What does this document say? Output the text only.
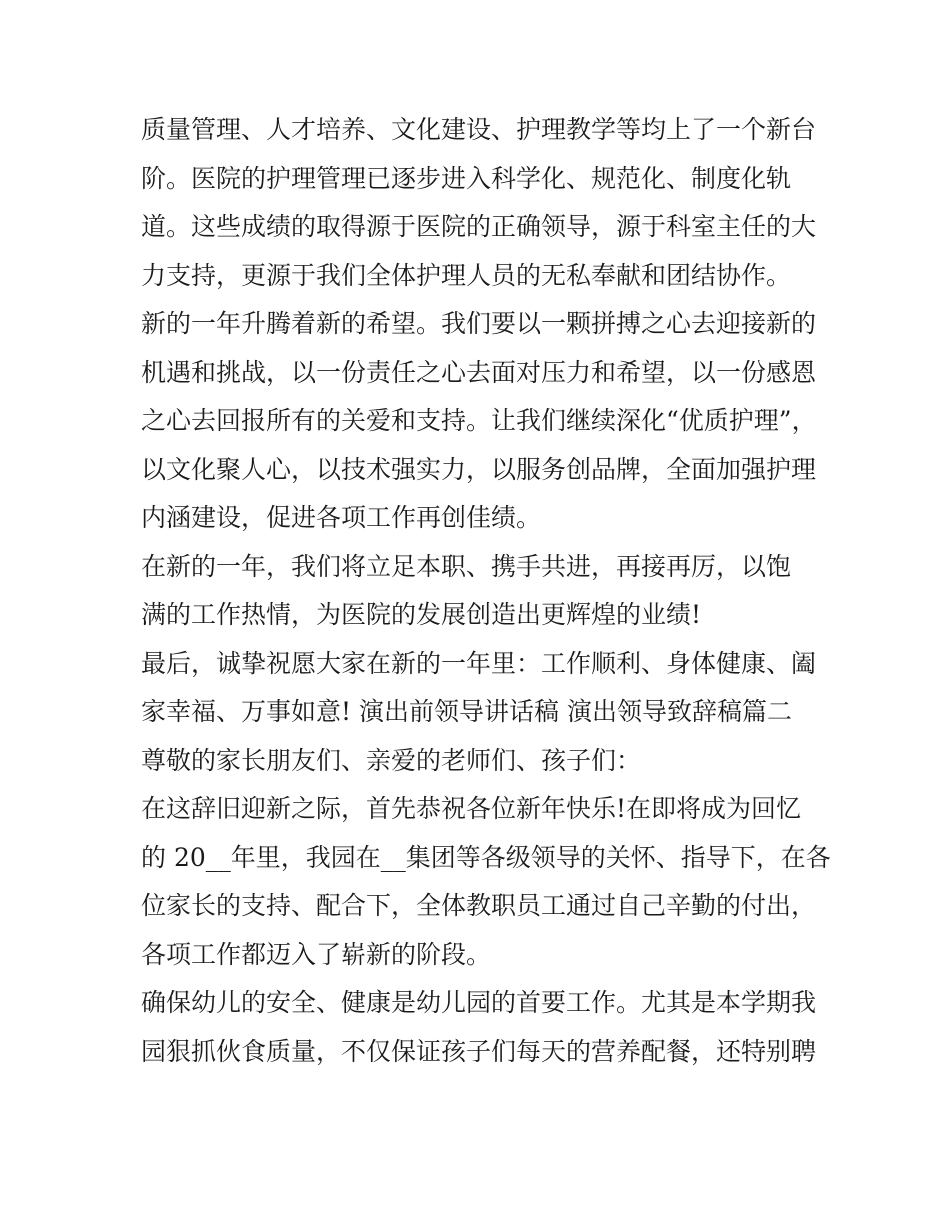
质量管理、人才培养、文化建设、护理教学等均上了一个新台
阶。医院的护理管理已逐步进入科学化、规范化、制度化轨
道。这些成绩的取得源于医院的正确领导，源于科室主任的大
力支持，更源于我们全体护理人员的无私奉献和团结协作。
新的一年升腾着新的希望。我们要以一颗拼搏之心去迎接新的
机遇和挑战，以一份责任之心去面对压力和希望，以一份感恩
之心去回报所有的关爱和支持。让我们继续深化“优质护理”，
以文化聚人心，以技术强实力，以服务创品牌，全面加强护理
内涵建设，促进各项工作再创佳绩。
在新的一年，我们将立足本职、携手共进，再接再厉，以饱
满的工作热情，为医院的发展创造出更辉煌的业绩!
最后，诚挚祝愿大家在新的一年里：工作顺利、身体健康、阖
家幸福、万事如意! 演出前领导讲话稿 演出领导致辞稿篇二
尊敬的家长朋友们、亲爱的老师们、孩子们：
在这辞旧迎新之际，首先恭祝各位新年快乐!在即将成为回忆
的 20__年里，我园在__集团等各级领导的关怀、指导下，在各
位家长的支持、配合下，全体教职员工通过自己辛勤的付出，
各项工作都迈入了崭新的阶段。
确保幼儿的安全、健康是幼儿园的首要工作。尤其是本学期我
园狠抓伙食质量，不仅保证孩子们每天的营养配餐，还特别聘
